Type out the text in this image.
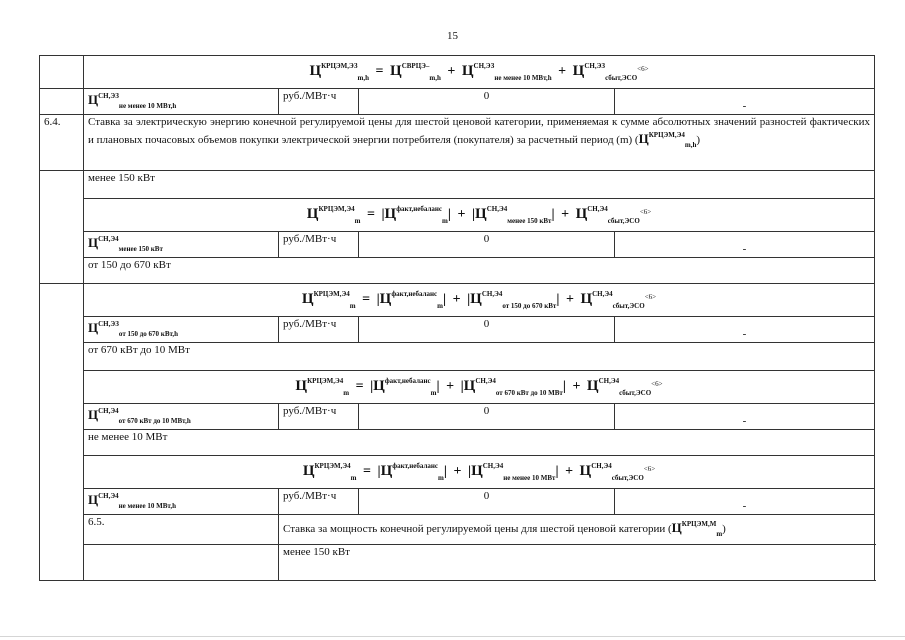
15
	$Ц^{КРЦЭМ,ЭЗ}_{m,h} = Ц^{СВРЦЭ-}_{m,h} + Ц^{СН,ЭЗ}_{не менее 10 МВт,h} + Ц^{СН,ЭЗ}_{сбыт,ЭСО}^{<6>}$
	$Ц^{СН,ЭЗ}_{не менее 10 МВт,h}$	руб./МВт·ч	0	-
6.4.	Ставка за электрическую энергию конечной регулируемой цены для шестой ценовой категории, применяемая к сумме абсолютных значений разностей фактических и плановых почасовых объемов покупки электрической энергии потребителя (покупателя) за расчетный период (m) $(Ц^{КРЦЭМ,Э4}_{m,h})$			
	менее 150 кВт			
	$Ц^{КРЦЭМ,Э4}_m = |Ц^{факт,небаланс}_m| + |Ц^{СН,Э4}_{менее 150 кВт}| + Ц^{СН,Э4}_{сбыт,ЭСО}^{<6>}$
	$Ц^{СН,Э4}_{менее 150 кВт}$	руб./МВт·ч	0	-
	от 150 до 670 кВт			
	$Ц^{КРЦЭМ,Э4}_m = |Ц^{факт,небаланс}_m| + |Ц^{СН,Э4}_{от 150 до 670 кВт}| + Ц^{СН,Э4}_{сбыт,ЭСО}^{<6>}$
	$Ц^{СН,ЭЗ}_{от 150 до 670 кВт,h}$	руб./МВт·ч	0	-
	от 670 кВт до 10 МВт			
	$Ц^{КРЦЭМ,Э4}_m = |Ц^{факт,небаланс}_m| + |Ц^{СН,Э4}_{от 670 кВт до 10 МВт}| + Ц^{СН,Э4}_{сбыт,ЭСО}^{<6>}$
	$Ц^{СН,Э4}_{от 670 кВт до 10 МВт,h}$	руб./МВт·ч	0	-
	не менее 10 МВт			
	$Ц^{КРЦЭМ,Э4}_m = |Ц^{факт,небаланс}_m| + |Ц^{СН,Э4}_{не менее 10 МВт}| + Ц^{СН,Э4}_{сбыт,ЭСО}^{<6>}$
	$Ц^{СН,Э4}_{не менее 10 МВт,h}$	руб./МВт·ч	0	-
	6.5.	Ставка за мощность конечной регулируемой цены для шестой ценовой категории $(Ц^{КРЦЭМ,М}_m)$		
		менее 150 кВт		
